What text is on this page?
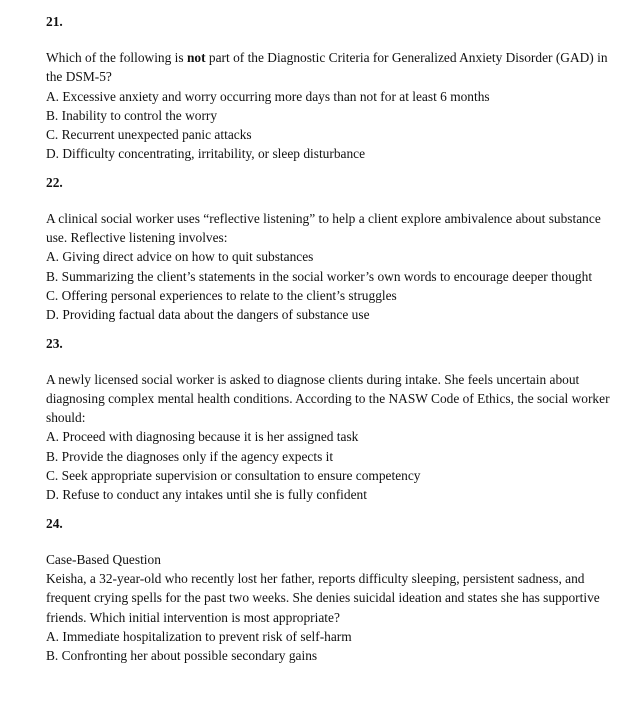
21.

Which of the following is not part of the Diagnostic Criteria for Generalized Anxiety Disorder (GAD) in the DSM-5?

A. Excessive anxiety and worry occurring more days than not for at least 6 months

B. Inability to control the worry

C. Recurrent unexpected panic attacks

D. Difficulty concentrating, irritability, or sleep disturbance

22.

A clinical social worker uses “reflective listening” to help a client explore ambivalence about substance use. Reflective listening involves:

A. Giving direct advice on how to quit substances

B. Summarizing the client’s statements in the social worker’s own words to encourage deeper thought

C. Offering personal experiences to relate to the client’s struggles

D. Providing factual data about the dangers of substance use

23.

A newly licensed social worker is asked to diagnose clients during intake. She feels uncertain about diagnosing complex mental health conditions. According to the NASW Code of Ethics, the social worker should:

A. Proceed with diagnosing because it is her assigned task

B. Provide the diagnoses only if the agency expects it

C. Seek appropriate supervision or consultation to ensure competency

D. Refuse to conduct any intakes until she is fully confident

24.

Case-Based Question

Keisha, a 32-year-old who recently lost her father, reports difficulty sleeping, persistent sadness, and frequent crying spells for the past two weeks. She denies suicidal ideation and states she has supportive friends. Which initial intervention is most appropriate?

A. Immediate hospitalization to prevent risk of self-harm

B. Confronting her about possible secondary gains
